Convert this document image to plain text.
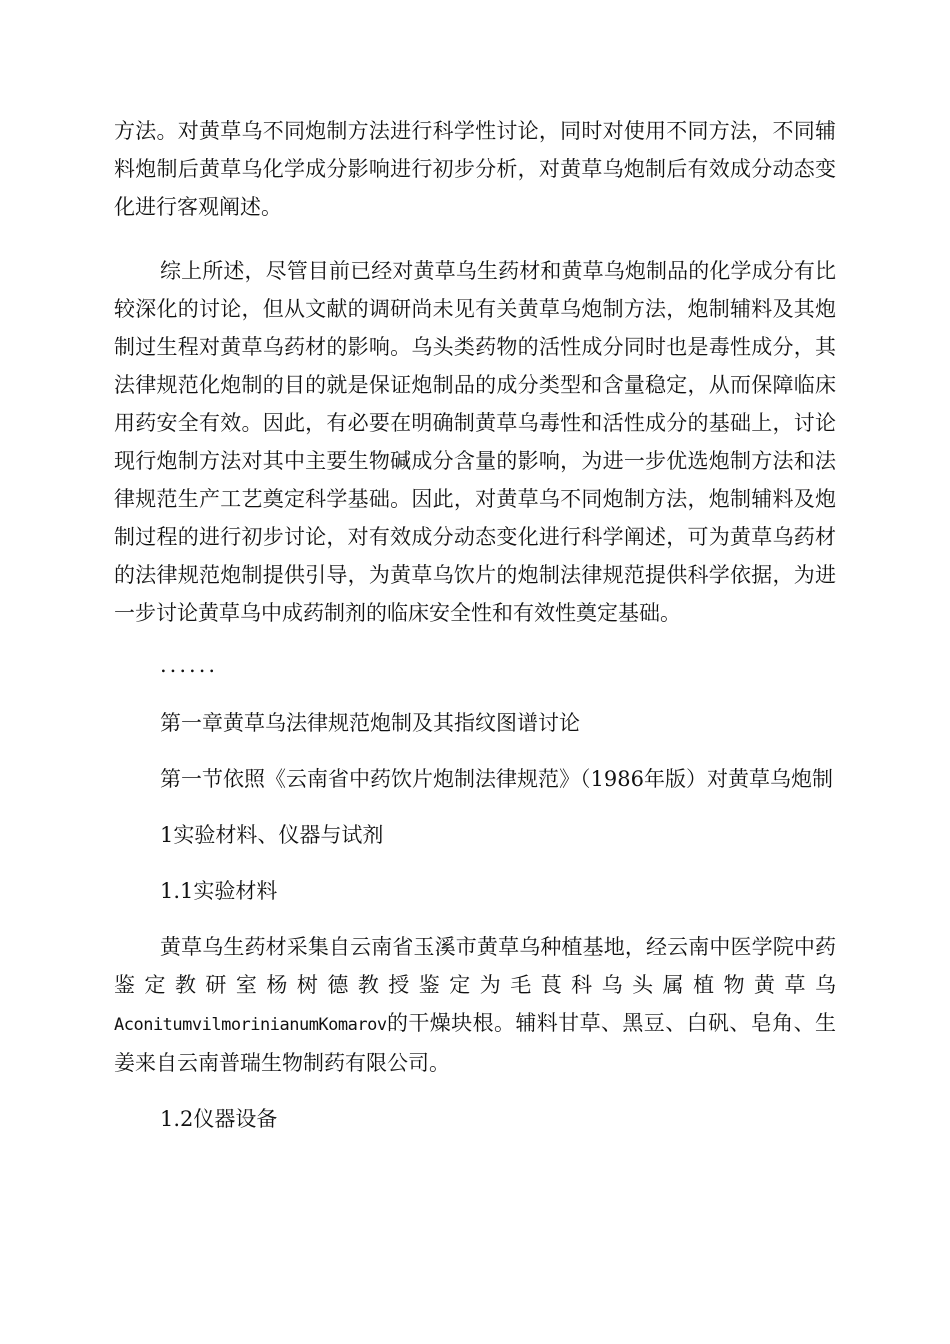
方法。对黄草乌不同炮制方法进行科学性讨论，同时对使用不同方法，不同辅料炮制后黄草乌化学成分影响进行初步分析，对黄草乌炮制后有效成分动态变化进行客观阐述。

综上所述，尽管目前已经对黄草乌生药材和黄草乌炮制品的化学成分有比较深化的讨论，但从文献的调研尚未见有关黄草乌炮制方法，炮制辅料及其炮制过生程对黄草乌药材的影响。乌头类药物的活性成分同时也是毒性成分，其法律规范化炮制的目的就是保证炮制品的成分类型和含量稳定，从而保障临床用药安全有效。因此，有必要在明确制黄草乌毒性和活性成分的基础上，讨论现行炮制方法对其中主要生物碱成分含量的影响，为进一步优选炮制方法和法律规范生产工艺奠定科学基础。因此，对黄草乌不同炮制方法，炮制辅料及炮制过程的进行初步讨论，对有效成分动态变化进行科学阐述，可为黄草乌药材的法律规范炮制提供引导，为黄草乌饮片的炮制法律规范提供科学依据，为进一步讨论黄草乌中成药制剂的临床安全性和有效性奠定基础。

......

第一章黄草乌法律规范炮制及其指纹图谱讨论

第一节依照《云南省中药饮片炮制法律规范》（1986年版）对黄草乌炮制

1实验材料、仪器与试剂

1.1实验材料

黄草乌生药材采集自云南省玉溪市黄草乌种植基地，经云南中医学院中药鉴定教研室杨树德教授鉴定为毛茛科乌头属植物黄草乌AconitumvilmorinianumKomarov的干燥块根。辅料甘草、黑豆、白矾、皂角、生姜来自云南普瑞生物制药有限公司。

1.2仪器设备
